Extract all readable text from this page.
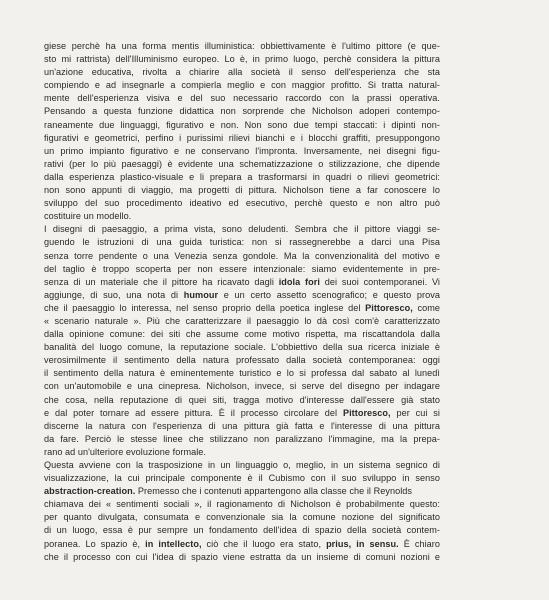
giese perchè ha una forma mentis illuministica: obbiettivamente è l'ultimo pittore (e que-
sto mi rattrista) dell'Illuminismo europeo. Lo è, in primo luogo, perchè considera la pittura
un'azione educativa, rivolta a chiarire alla società il senso dell'esperienza che sta
compiendo e ad insegnarle a compierla meglio e con maggior profitto. Si tratta natural-
mente dell'esperienza visiva e del suo necessario raccordo con la prassi operativa.
Pensando a questa funzione didattica non sorprende che Nicholson adoperi contempo-
raneamente due linguaggi, figurativo e non. Non sono due tempi staccati: i dipinti non-
figurativi e geometrici, perfino i purissimi rilievi bianchi e i blocchi graffiti, presuppongono
un primo impianto figurativo e ne conservano l'impronta. Inversamente, nei disegni figu-
rativi (per lo più paesaggi) è evidente una schematizzazione o stilizzazione, che dipende
dalla esperienza plastico-visuale e li prepara a trasformarsi in quadri o rilievi geometrici:
non sono appunti di viaggio, ma progetti di pittura. Nicholson tiene a far conoscere lo
sviluppo del suo procedimento ideativo ed esecutivo, perchè questo e non altro può
costituire un modello.
I disegni di paesaggio, a prima vista, sono deludenti. Sembra che il pittore viaggi se-
guendo le istruzioni di una guida turistica: non si rassegnerebbe a darci una Pisa
senza torre pendente o una Venezia senza gondole. Ma la convenzionalità del motivo e
del taglio è troppo scoperta per non essere intenzionale: siamo evidentemente in pre-
senza di un materiale che il pittore ha ricavato dagli idola fori dei suoi contemporanei. Vi
aggiunge, di suo, una nota di humour e un certo assetto scenografico; e questo prova
che il paesaggio lo interessa, nel senso proprio della poetica inglese del Pittoresco, come
« scenario naturale ». Più che caratterizzare il paesaggio lo dà così com'è caratterizzato
dalla opinione comune: dei siti che assume come motivo rispetta, ma riscattandola dalla
banalità del luogo comune, la reputazione sociale. L'obbiettivo della sua ricerca iniziale è
verosimilmente il sentimento della natura professato dalla società contemporanea: oggi
il sentimento della natura è eminentemente turistico e lo si professa dal sabato al lunedì
con un'automobile e una cinepresa. Nicholson, invece, si serve del disegno per indagare
che cosa, nella reputazione di quei siti, tragga motivo d'interesse dall'essere già stato
e dal poter tornare ad essere pittura. È il processo circolare del Pittoresco, per cui si
discerne la natura con l'esperienza di una pittura già fatta e l'interesse di una pittura
da fare. Perciò le stesse linee che stilizzano non paralizzano l'immagine, ma la prepa-
rano ad un'ulteriore evoluzione formale.
Questa avviene con la trasposizione in un linguaggio o, meglio, in un sistema segnico di
visualizzazione, la cui principale componente è il Cubismo con il suo sviluppo in senso
abstraction-creation. Premesso che i contenuti appartengono alla classe che il Reynolds
chiamava dei « sentimenti sociali », il ragionamento di Nicholson è probabilmente questo:
per quanto divulgata, consumata e convenzionale sia la comune nozione del significato
di un luogo, essa è pur sempre un fondamento dell'idea di spazio della società contem-
poranea. Lo spazio è, in intellecto, ciò che il luogo era stato, prius, in sensu. È chiaro
che il processo con cui l'idea di spazio viene estratta da un insieme di comuni nozioni e
